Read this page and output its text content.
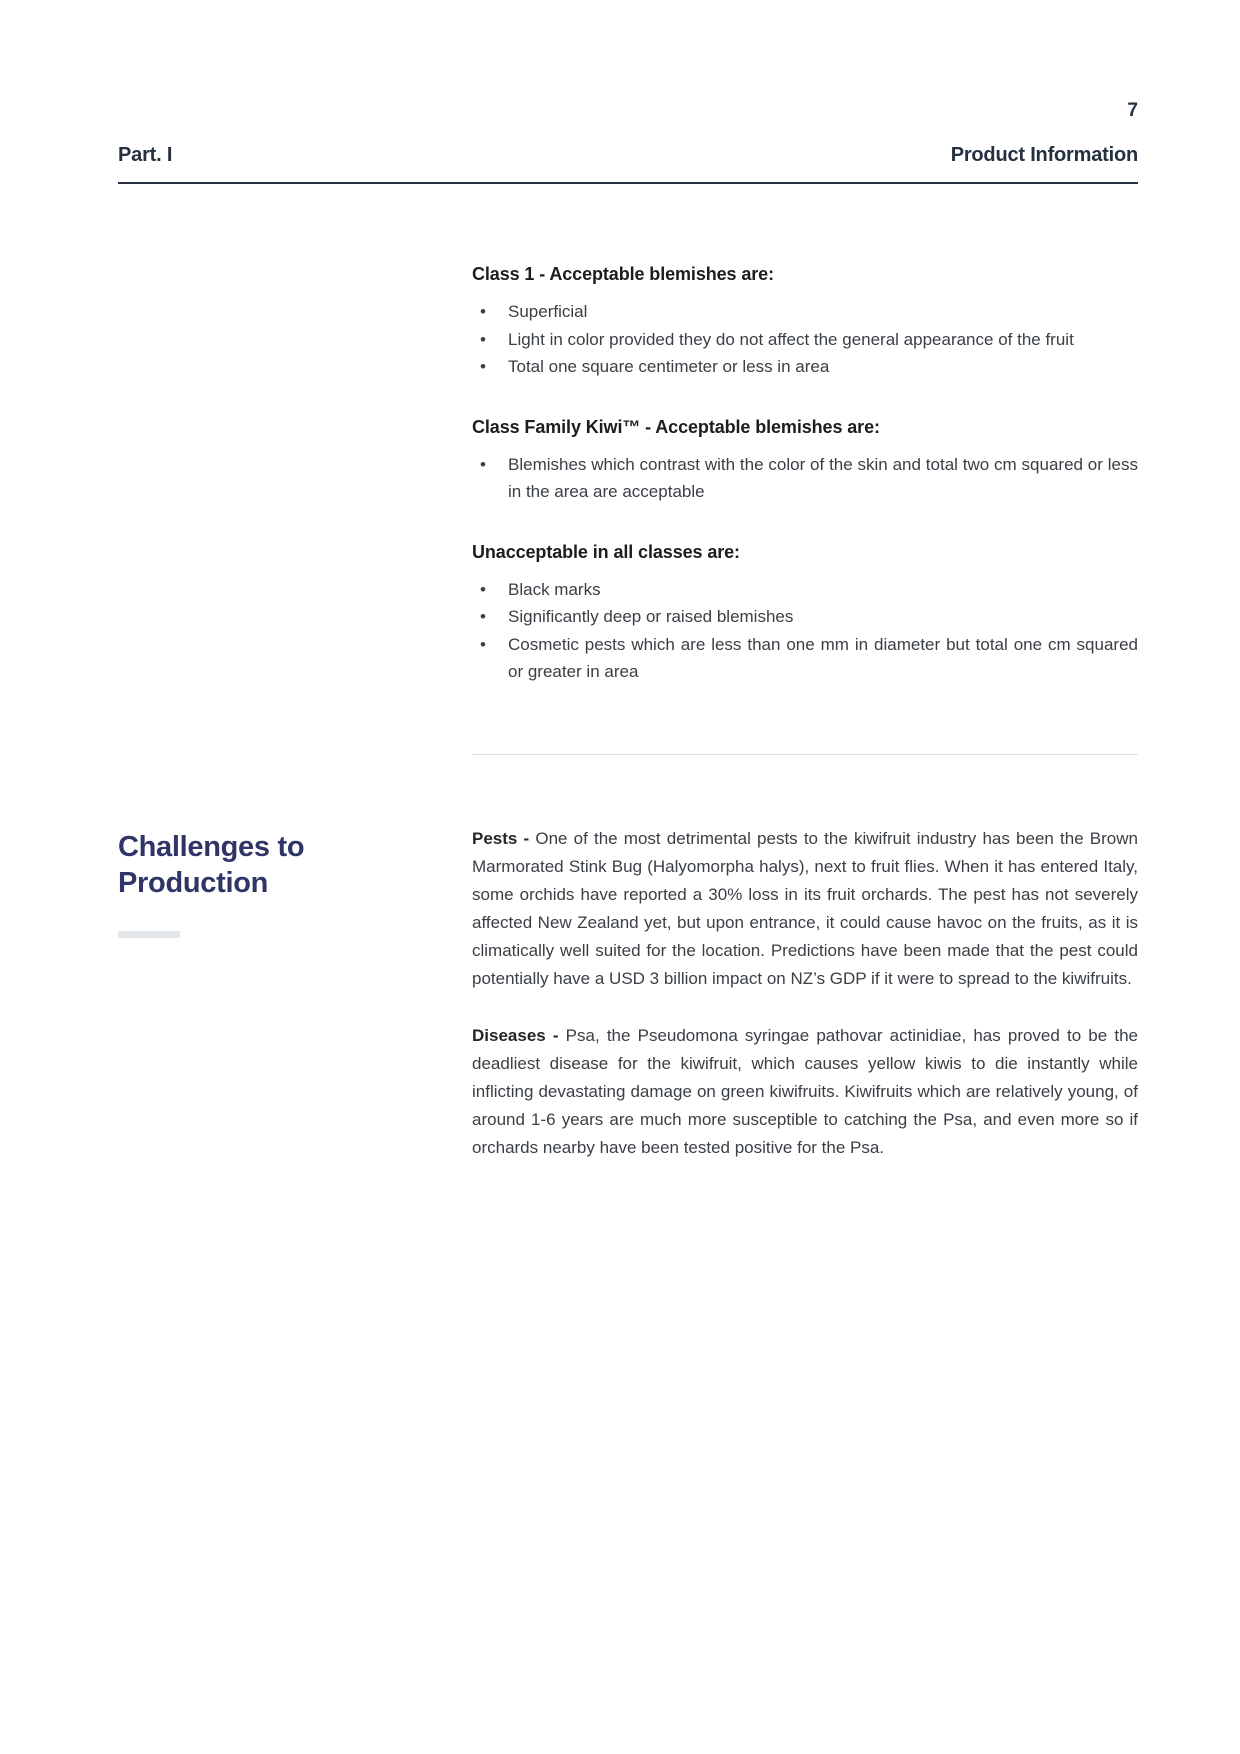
7
Part. I	Product Information
Class 1 - Acceptable blemishes are:
•
Superficial
•
Light in color provided they do not affect the general appearance of the fruit
•
Total one square centimeter or less in area
Class Family Kiwi™ - Acceptable blemishes are:
•
Blemishes which contrast with the color of the skin and total two cm squared or less in the area are acceptable
Unacceptable in all classes are:
•
Black marks
•
Significantly deep or raised blemishes
•
Cosmetic pests which are less than one mm in diameter but total one cm squared or greater in area
Challenges to Production

Pests - One of the most detrimental pests to the kiwifruit industry has been the Brown Marmorated Stink Bug (Halyomorpha halys), next to fruit flies. When it has entered Italy, some orchids have reported a 30% loss in its fruit orchards. The pest has not severely affected New Zealand yet, but upon entrance, it could cause havoc on the fruits, as it is climatically well suited for the location. Predictions have been made that the pest could potentially have a USD 3 billion impact on NZ’s GDP if it were to spread to the kiwifruits.

Diseases - Psa, the Pseudomona syringae pathovar actinidiae, has proved to be the deadliest disease for the kiwifruit, which causes yellow kiwis to die instantly while inflicting devastating damage on green kiwifruits. Kiwifruits which are relatively young, of around 1-6 years are much more susceptible to catching the Psa, and even more so if orchards nearby have been tested positive for the Psa.
